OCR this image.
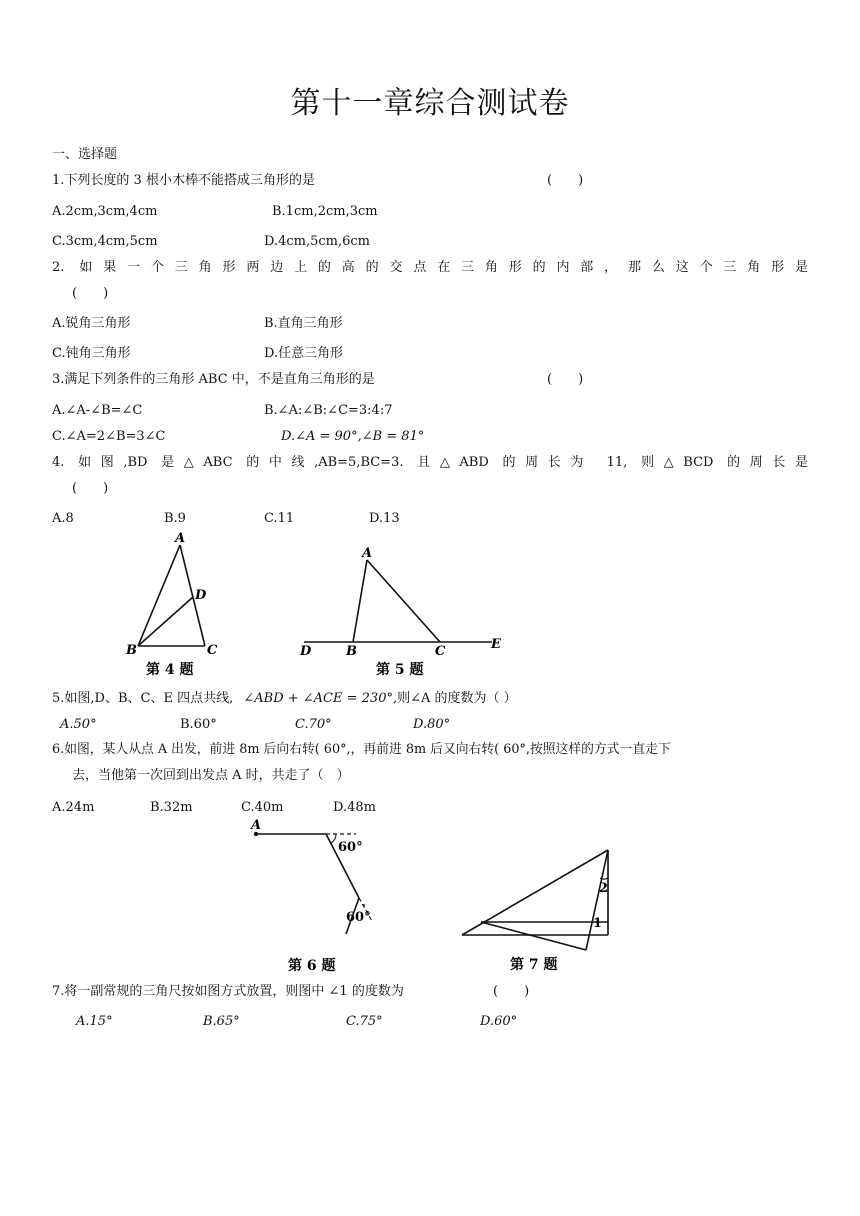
第十一章综合测试卷
一、选择题
1.下列长度的 3 根小木棒不能搭成三角形的是	(　　)
A.2cm,3cm,4cm	B.1cm,2cm,3cm
C.3cm,4cm,5cm	D.4cm,5cm,6cm
2. 如果一个三角形两边上的高的交点在三角形的内部，那么这个三角形是
(　　)
A.锐角三角形	B.直角三角形
C.钝角三角形	D.任意三角形
3.满足下列条件的三角形 ABC 中，不是直角三角形的是	(　　)
A.∠A-∠B=∠C	B.∠A:∠B:∠C=3:4:7
C.∠A=2∠B=3∠C	D.∠A = 90°,∠B = 81°
4. 如图,BD 是△ABC 的中线,AB=5,BC=3. 且△ABD 的周长为 11, 则△BCD 的周长是
(　　)
A.8	B.9	C.11	D.13
A
D
B	C
第 4 题
A
D	B	C	E
第 5 题
5.如图,D、B、C、E 四点共线, ∠ABD + ∠ACE = 230°,则∠A 的度数为（ ）
A.50°	B.60°	C.70°	D.80°
6.如图，某人从点 A 出发，前进 8m 后向右转( 60°,，再前进 8m 后又向右转( 60°,按照这样的方式一直走下
去，当他第一次回到出发点 A 时，共走了（　）
A.24m	B.32m	C.40m	D.48m
A
60°
60°
第 6 题
1
2
第 7 题
7.将一副常规的三角尺按如图方式放置，则图中 ∠1 的度数为	(　　)
A.15°	B.65°	C.75°	D.60°
